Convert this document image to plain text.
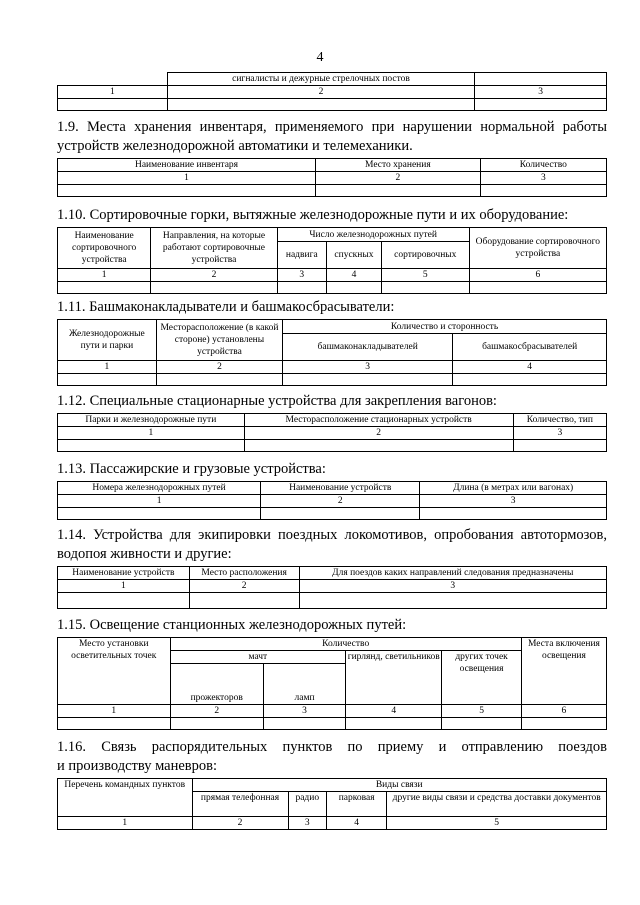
4
	сигналисты и дежурные стрелочных постов	
1	2	3

1.9. Места хранения инвентаря, применяемого при нарушении нормальной работы

устройств железнодорожной автоматики и телемеханики.

Наименование инвентаря	Место хранения	Количество
1	2	3

1.10. Сортировочные горки, вытяжные железнодорожные пути и их оборудование:

Наименование сортировочного устройства	Направления, на которые работают сортировочные устройства	Число железнодорожных путей			Оборудование сортировочного устройства
		надвига	спускных	сортировочных	
1	2	3	4	5	6

1.11. Башмаконакладыватели и башмакосбрасыватели:

Железнодорожные пути и парки	Месторасположение (в какой стороне) установлены устройства	Количество и сторонность	
		башмаконакладывателей	башмакосбрасывателей
1	2	3	4

1.12. Специальные стационарные устройства для закрепления вагонов:

Парки и железнодорожные пути	Месторасположение стационарных устройств	Количество, тип
1	2	3

1.13. Пассажирские и грузовые устройства:

Номера железнодорожных путей	Наименование устройств	Длина (в метрах или вагонах)
1	2	3

1.14. Устройства для экипировки поездных локомотивов, опробования автотормозов,

водопоя живности и другие:

Наименование устройств	Место расположения	Для поездов каких направлений следования предназначены
1	2	3

1.15. Освещение станционных железнодорожных путей:

Место установки осветительных точек	Количество				Места включения освещения
	мачт		гирлянд, светильников	других точек освещения	
	прожекторов	ламп			
1	2	3	4	5	6

1.16. Связь распорядительных пунктов по приему и отправлению поездов

и производству маневров:

Перечень командных пунктов	Виды связи			
	прямая телефонная	радио	парковая	другие виды связи и средства доставки документов
1	2	3	4	5
